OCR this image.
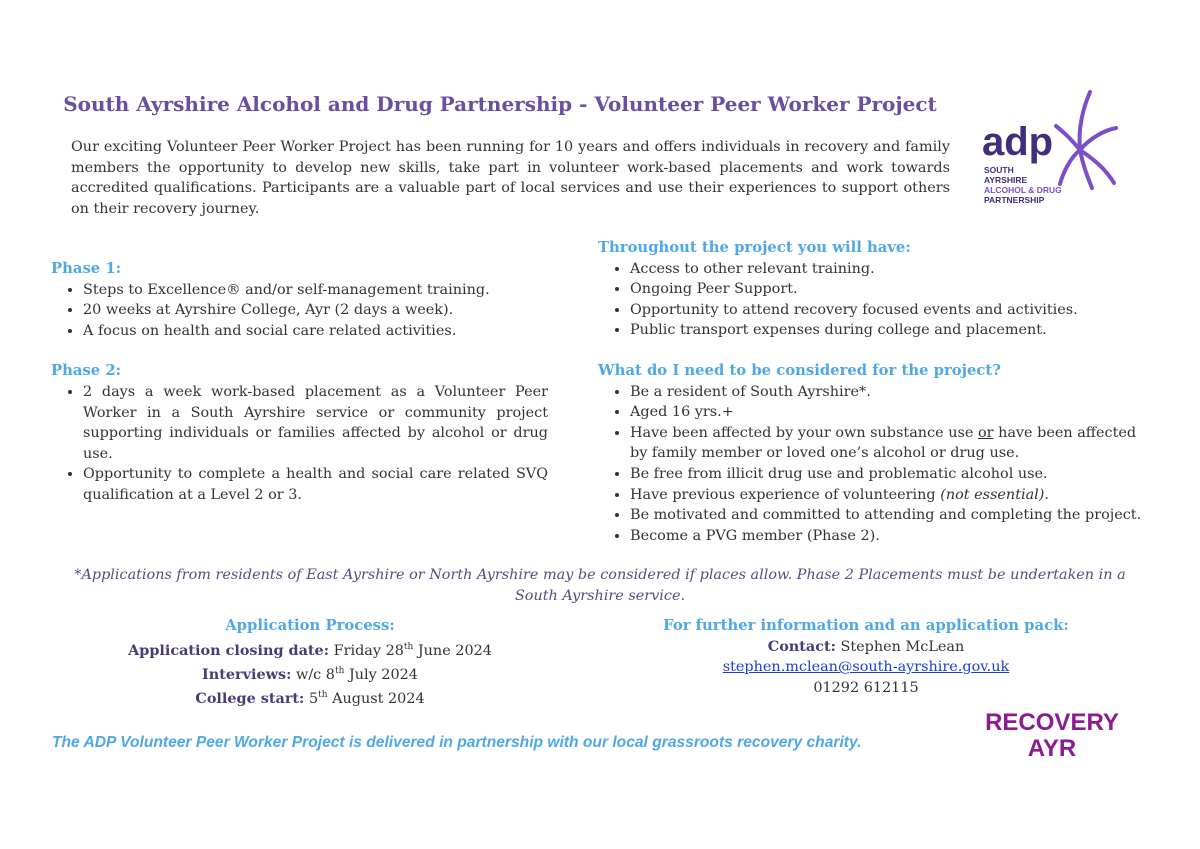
South Ayrshire Alcohol and Drug Partnership - Volunteer Peer Worker Project
Our exciting Volunteer Peer Worker Project has been running for 10 years and offers individuals in recovery and family members the opportunity to develop new skills, take part in volunteer work-based placements and work towards accredited qualifications. Participants are a valuable part of local services and use their experiences to support others on their recovery journey.
adp
SOUTH
AYRSHIRE
ALCOHOL & DRUG
PARTNERSHIP
Phase 1:
• Steps to Excellence® and/or self-management training.
• 20 weeks at Ayrshire College, Ayr (2 days a week).
• A focus on health and social care related activities.
Phase 2:
• 2 days a week work-based placement as a Volunteer Peer Worker in a South Ayrshire service or community project supporting individuals or families affected by alcohol or drug use.
• Opportunity to complete a health and social care related SVQ qualification at a Level 2 or 3.
Throughout the project you will have:
• Access to other relevant training.
• Ongoing Peer Support.
• Opportunity to attend recovery focused events and activities.
• Public transport expenses during college and placement.
What do I need to be considered for the project?
• Be a resident of South Ayrshire*.
• Aged 16 yrs.+
• Have been affected by your own substance use or have been affected by family member or loved one’s alcohol or drug use.
• Be free from illicit drug use and problematic alcohol use.
• Have previous experience of volunteering (not essential).
• Be motivated and committed to attending and completing the project.
• Become a PVG member (Phase 2).
*Applications from residents of East Ayrshire or North Ayrshire may be considered if places allow. Phase 2 Placements must be undertaken in a South Ayrshire service.
Application Process:
Application closing date: Friday 28th June 2024
Interviews: w/c 8th July 2024
College start: 5th August 2024
For further information and an application pack:
Contact: Stephen McLean
stephen.mclean@south-ayrshire.gov.uk
01292 612115
The ADP Volunteer Peer Worker Project is delivered in partnership with our local grassroots recovery charity.
RECOVERY
AYR
